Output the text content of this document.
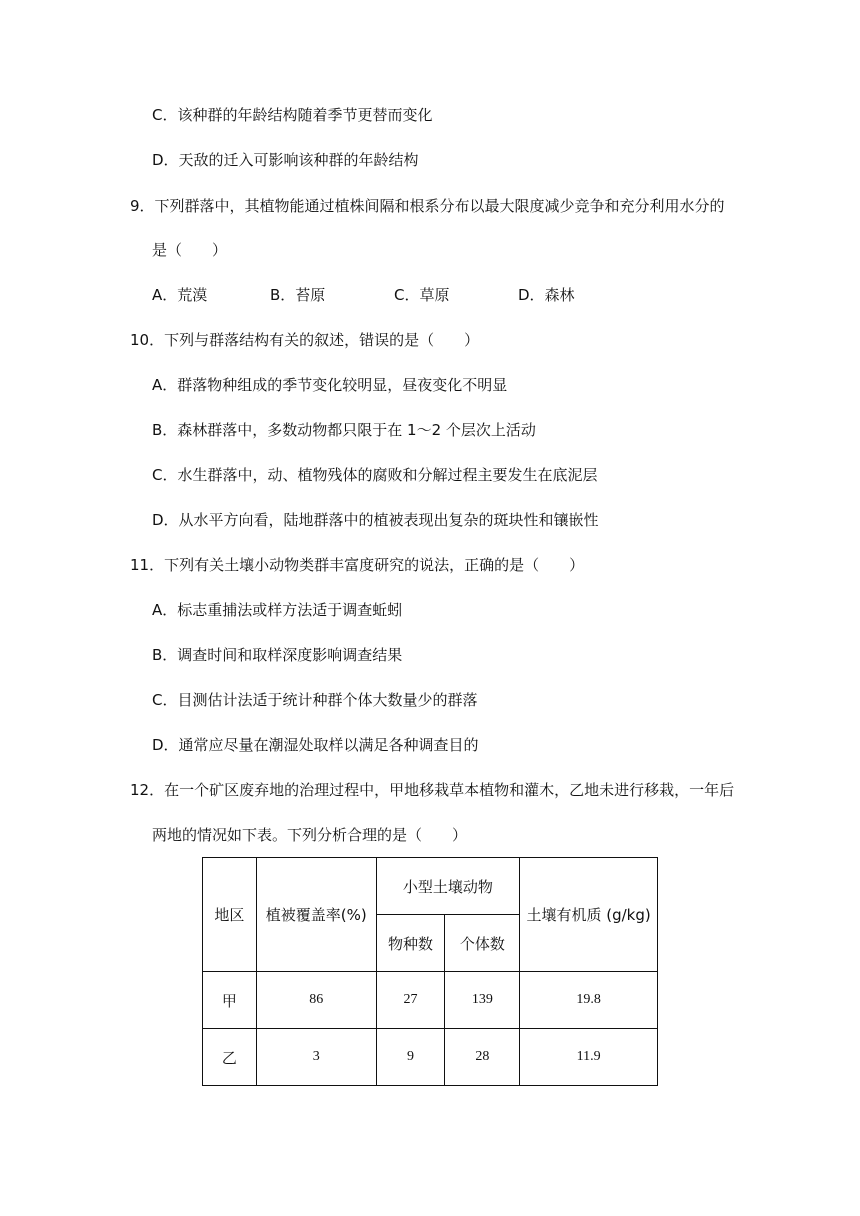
C．该种群的年龄结构随着季节更替而变化
D．天敌的迁入可影响该种群的年龄结构
9．下列群落中，其植物能通过植株间隔和根系分布以最大限度减少竞争和充分利用水分的
是（　　）
A．荒漠	B．苔原	C．草原	D．森林
10．下列与群落结构有关的叙述，错误的是（　　）
A．群落物种组成的季节变化较明显，昼夜变化不明显
B．森林群落中，多数动物都只限于在 1～2 个层次上活动
C．水生群落中，动、植物残体的腐败和分解过程主要发生在底泥层
D．从水平方向看，陆地群落中的植被表现出复杂的斑块性和镶嵌性
11．下列有关土壤小动物类群丰富度研究的说法，正确的是（　　）
A．标志重捕法或样方法适于调查蚯蚓
B．调查时间和取样深度影响调查结果
C．目测估计法适于统计种群个体大数量少的群落
D．通常应尽量在潮湿处取样以满足各种调查目的
12．在一个矿区废弃地的治理过程中，甲地移栽草本植物和灌木，乙地未进行移栽，一年后
两地的情况如下表。下列分析合理的是（　　）
地区	植被覆盖率(%)	小型土壤动物		土壤有机质 (g/kg)
		物种数	个体数	
甲	86	27	139	19.8
乙	3	9	28	11.9
